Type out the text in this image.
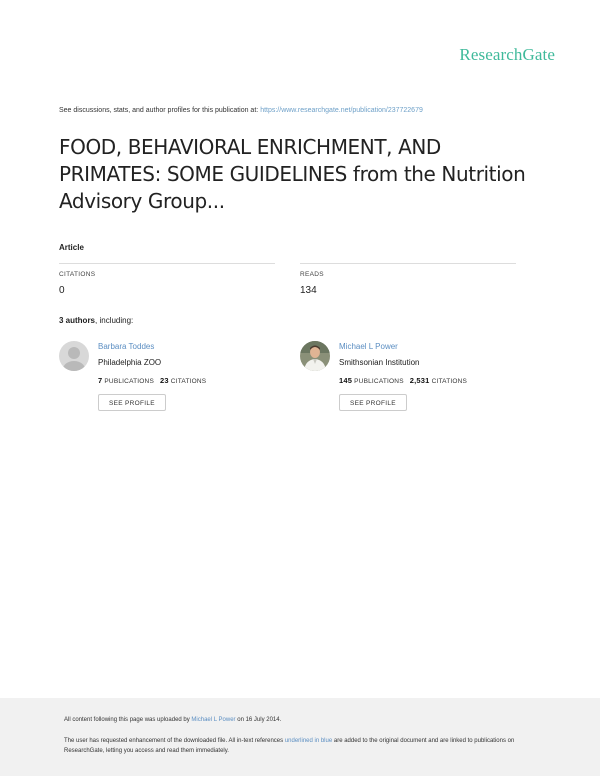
ResearchGate
See discussions, stats, and author profiles for this publication at: https://www.researchgate.net/publication/237722679
FOOD, BEHAVIORAL ENRICHMENT, AND PRIMATES: SOME GUIDELINES from the Nutrition Advisory Group...
Article
CITATIONS
0
READS
134
3 authors, including:
Barbara Toddes
Philadelphia ZOO
7 PUBLICATIONS 23 CITATIONS
SEE PROFILE
Michael L Power
Smithsonian Institution
145 PUBLICATIONS 2,531 CITATIONS
SEE PROFILE
All content following this page was uploaded by Michael L Power on 16 July 2014.
The user has requested enhancement of the downloaded file. All in-text references underlined in blue are added to the original document and are linked to publications on ResearchGate, letting you access and read them immediately.
